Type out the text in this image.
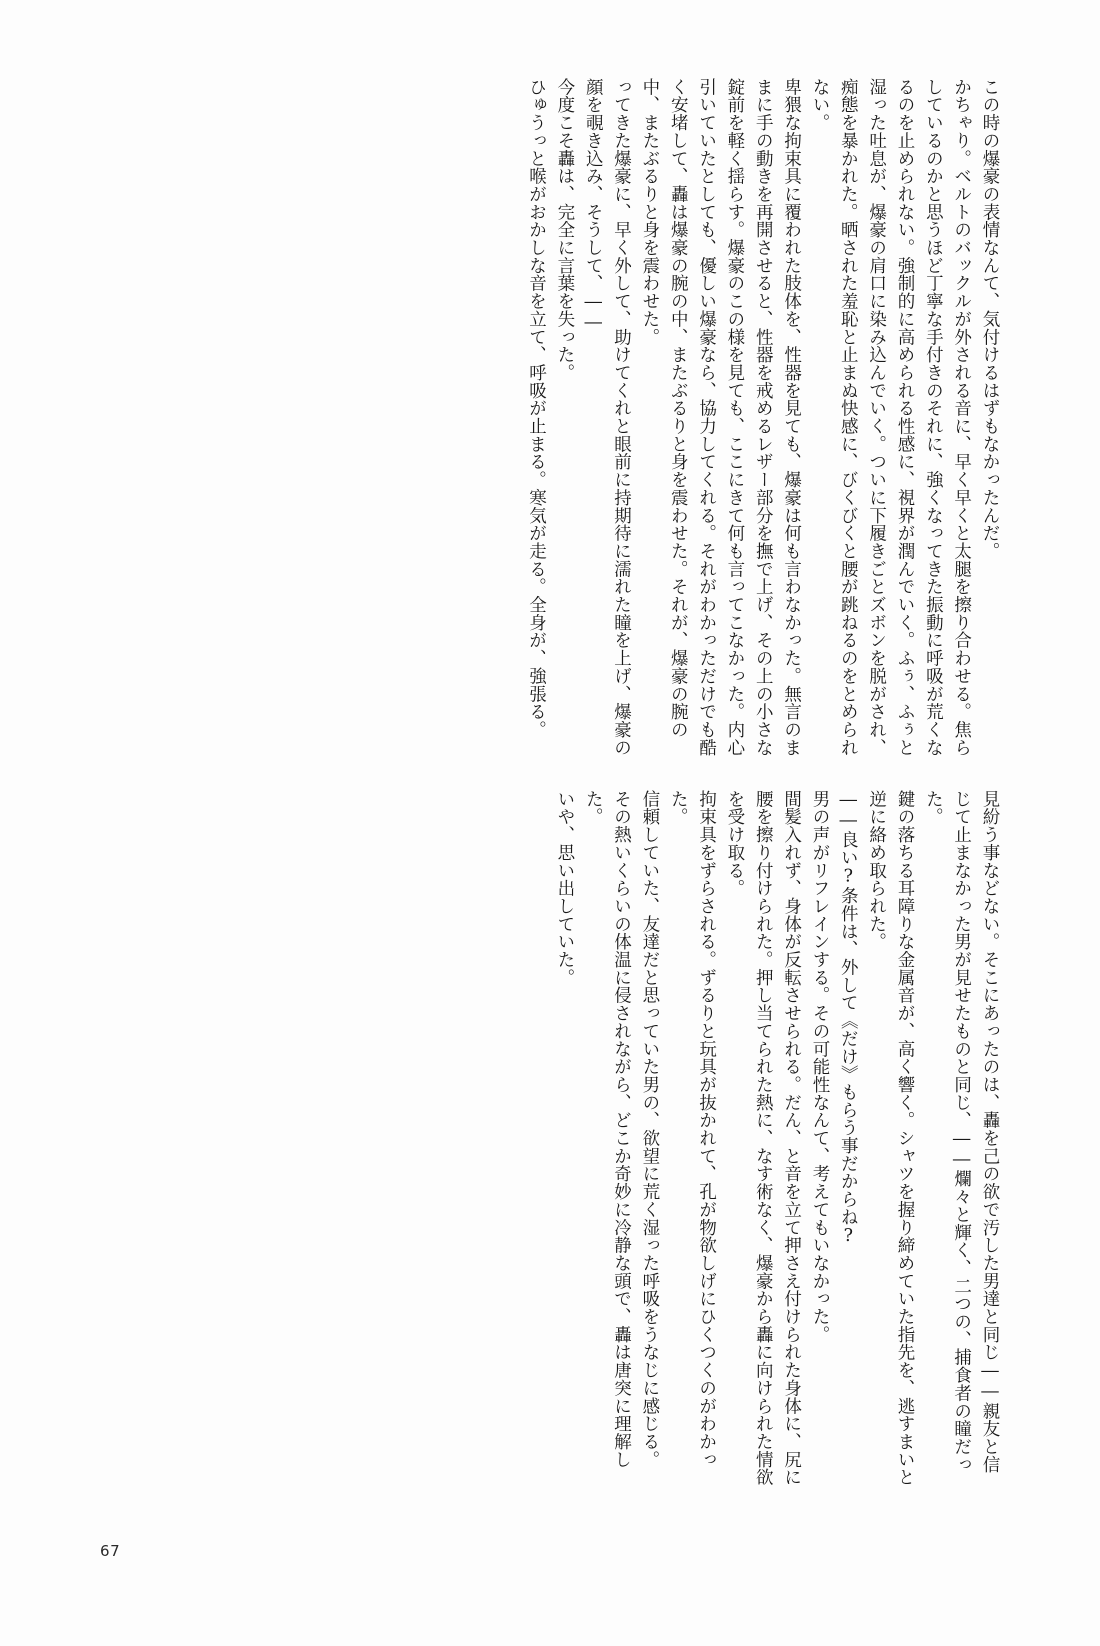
この時の爆豪の表情なんて、気付けるはずもなかったんだ。

かちゃり。ベルトのバックルが外される音に、早く早くと太腿を擦り合わせる。焦らしているのかと思うほど丁寧な手付きのそれに、強くなってきた振動に呼吸が荒くなるのを止められない。強制的に高められる性感に、視界が潤んでいく。ふぅ、ふぅと湿った吐息が、爆豪の肩口に染み込んでいく。ついに下履きごとズボンを脱がされ、痴態を暴かれた。晒された羞恥と止まぬ快感に、びくびくと腰が跳ねるのをとめられない。

卑猥な拘束具に覆われた肢体を、性器を見ても、爆豪は何も言わなかった。無言のままに手の動きを再開させると、性器を戒めるレザー部分を撫で上げ、その上の小さな錠前を軽く揺らす。爆豪のこの様を見ても、ここにきて何も言ってこなかった。内心引いていたとしても、優しい爆豪なら、協力してくれる。それがわかっただけでも酷く安堵して、轟は爆豪の腕の中、またぶるりと身を震わせた。それが、爆豪の腕の中、またぶるりと身を震わせた。

ってきた爆豪に、早く外して、助けてくれと眼前に持期待に濡れた瞳を上げ、爆豪の顔を覗き込み、そうして、――

今度こそ轟は、完全に言葉を失った。

ひゅうっと喉がおかしな音を立て、呼吸が止まる。寒気が走る。全身が、強張る。

見紛う事などない。そこにあったのは、轟を己の欲で汚した男達と同じ――親友と信じて止まなかった男が見せたものと同じ、――爛々と輝く、二つの、捕食者の瞳だった。

鍵の落ちる耳障りな金属音が、高く響く。シャツを握り締めていた指先を、逃すまいと逆に絡め取られた。

――良い?条件は、外して《だけ》もらう事だからね?

男の声がリフレインする。その可能性なんて、考えてもいなかった。

間髪入れず、身体が反転させられる。だん、と音を立て押さえ付けられた身体に、尻に腰を擦り付けられた。押し当てられた熱に、なす術なく、爆豪から轟に向けられた情欲を受け取る。

拘束具をずらされる。ずるりと玩具が抜かれて、孔が物欲しげにひくつくのがわかった。

信頼していた、友達だと思っていた男の、欲望に荒く湿った呼吸をうなじに感じる。

その熱いくらいの体温に侵されながら、どこか奇妙に冷静な頭で、轟は唐突に理解した。

いや、思い出していた。

67
